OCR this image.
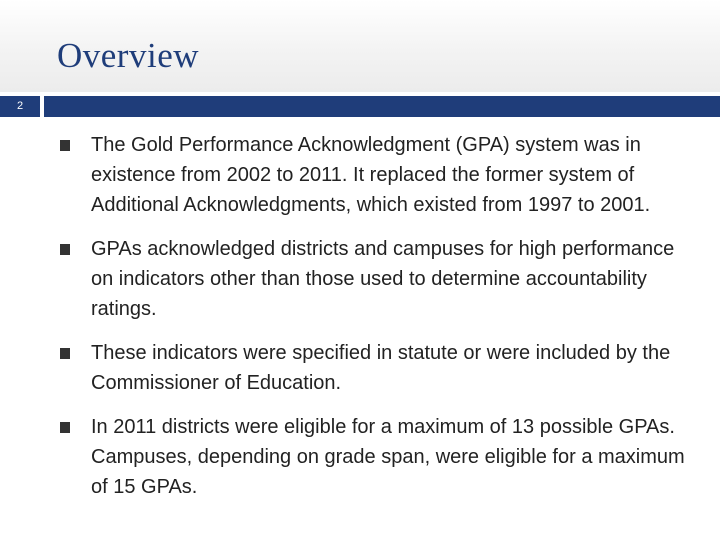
Overview
2
The Gold Performance Acknowledgment (GPA) system was in existence from 2002 to 2011. It replaced the former system of Additional Acknowledgments, which existed from 1997 to 2001.
GPAs acknowledged districts and campuses for high performance on indicators other than those used to determine accountability ratings.
These indicators were specified in statute or were included by the Commissioner of Education.
In 2011 districts were eligible for a maximum of 13 possible GPAs. Campuses, depending on grade span, were eligible for a maximum of 15 GPAs.
